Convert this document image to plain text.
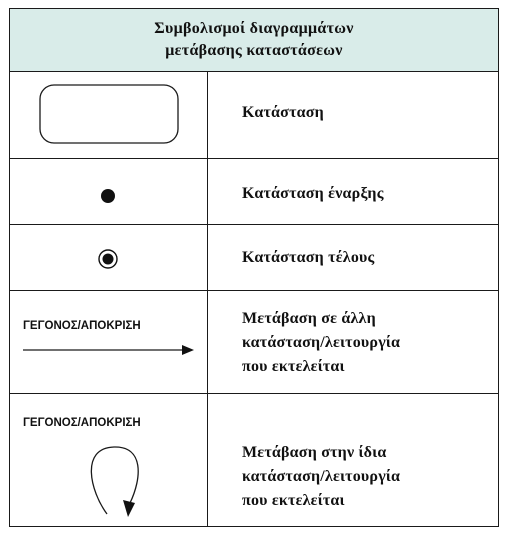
Συμβολισμοί διαγραμμάτων
μετάβασης καταστάσεων
Κατάσταση
Κατάσταση έναρξης
Κατάσταση τέλους
ΓΕΓΟΝΟΣ/ΑΠΟΚΡΙΣΗ	Μετάβαση σε άλλη
κατάσταση/λειτουργία
που εκτελείται
ΓΕΓΟΝΟΣ/ΑΠΟΚΡΙΣΗ
Μετάβαση στην ίδια
κατάσταση/λειτουργία
που εκτελείται
